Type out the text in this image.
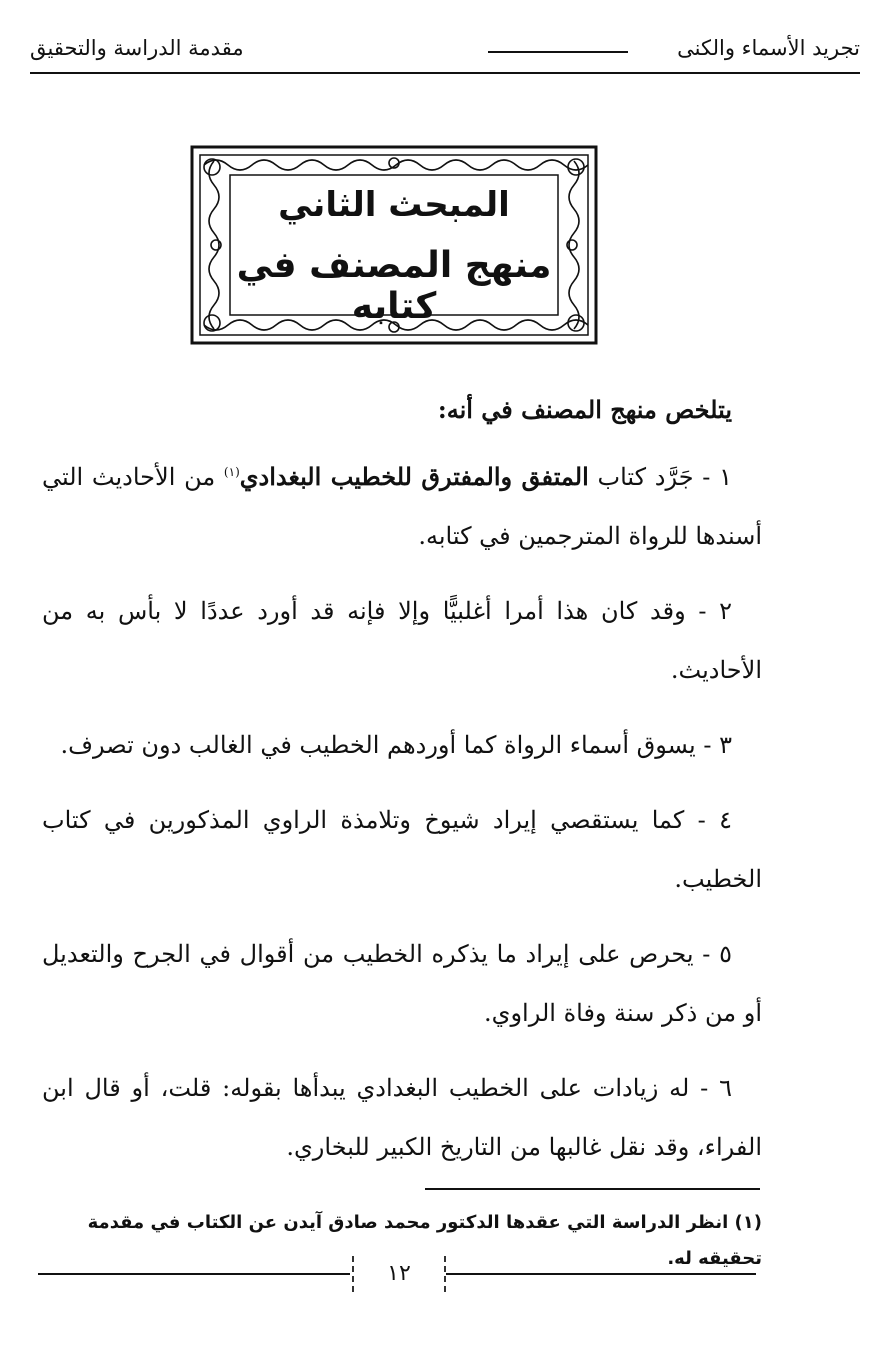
تجريد الأسماء والكنى
مقدمة الدراسة والتحقيق
المبحث الثاني
منهج المصنف في كتابه

يتلخص منهج المصنف في أنه:

١ - جَرَّد كتاب المتفق والمفترق للخطيب البغدادي$^{(١)}$ من الأحاديث التي أسندها للرواة المترجمين في كتابه.

٢ - وقد كان هذا أمرا أغلبيًّا وإلا فإنه قد أورد عددًا لا بأس به من الأحاديث.

٣ - يسوق أسماء الرواة كما أوردهم الخطيب في الغالب دون تصرف.

٤ - كما يستقصي إيراد شيوخ وتلامذة الراوي المذكورين في كتاب الخطيب.

٥ - يحرص على إيراد ما يذكره الخطيب من أقوال في الجرح والتعديل أو من ذكر سنة وفاة الراوي.

٦ - له زيادات على الخطيب البغدادي يبدأها بقوله: قلت، أو قال ابن الفراء، وقد نقل غالبها من التاريخ الكبير للبخاري.

(١) انظر الدراسة التي عقدها الدكتور محمد صادق آيدن عن الكتاب في مقدمة تحقيقه له.
١٢
